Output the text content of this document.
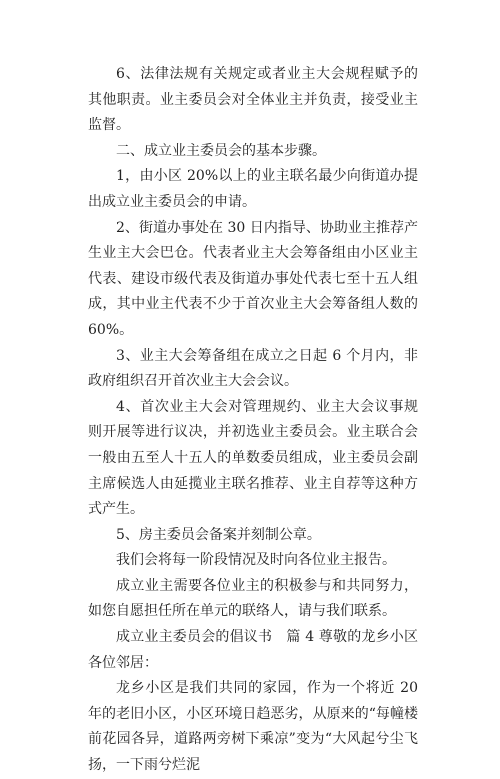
6、法律法规有关规定或者业主大会规程赋予的其他职责。业主委员会对全体业主并负责，接受业主监督。

二、成立业主委员会的基本步骤。

1，由小区 20%以上的业主联名最少向街道办提出成立业主委员会的申请。

2、街道办事处在 30 日内指导、协助业主推荐产生业主大会巴仓。代表者业主大会筹备组由小区业主代表、建设市级代表及街道办事处代表七至十五人组成，其中业主代表不少于首次业主大会筹备组人数的 60%。

3、业主大会筹备组在成立之日起 6 个月内，非政府组织召开首次业主大会会议。

4、首次业主大会对管理规约、业主大会议事规则开展等进行议决，并初选业主委员会。业主联合会一般由五至人十五人的单数委员组成，业主委员会副主席候选人由延揽业主联名推荐、业主自荐等这种方式产生。

5、房主委员会备案并刻制公章。

我们会将每一阶段情况及时向各位业主报告。

成立业主需要各位业主的积极参与和共同努力，如您自愿担任所在单元的联络人，请与我们联系。

成立业主委员会的倡议书　篇 4 尊敬的龙乡小区各位邻居：

龙乡小区是我们共同的家园，作为一个将近 20 年的老旧小区，小区环境日趋恶劣，从原来的“每幢楼前花园各异，道路两旁树下乘凉”变为“大风起兮尘飞扬，一下雨兮烂泥
